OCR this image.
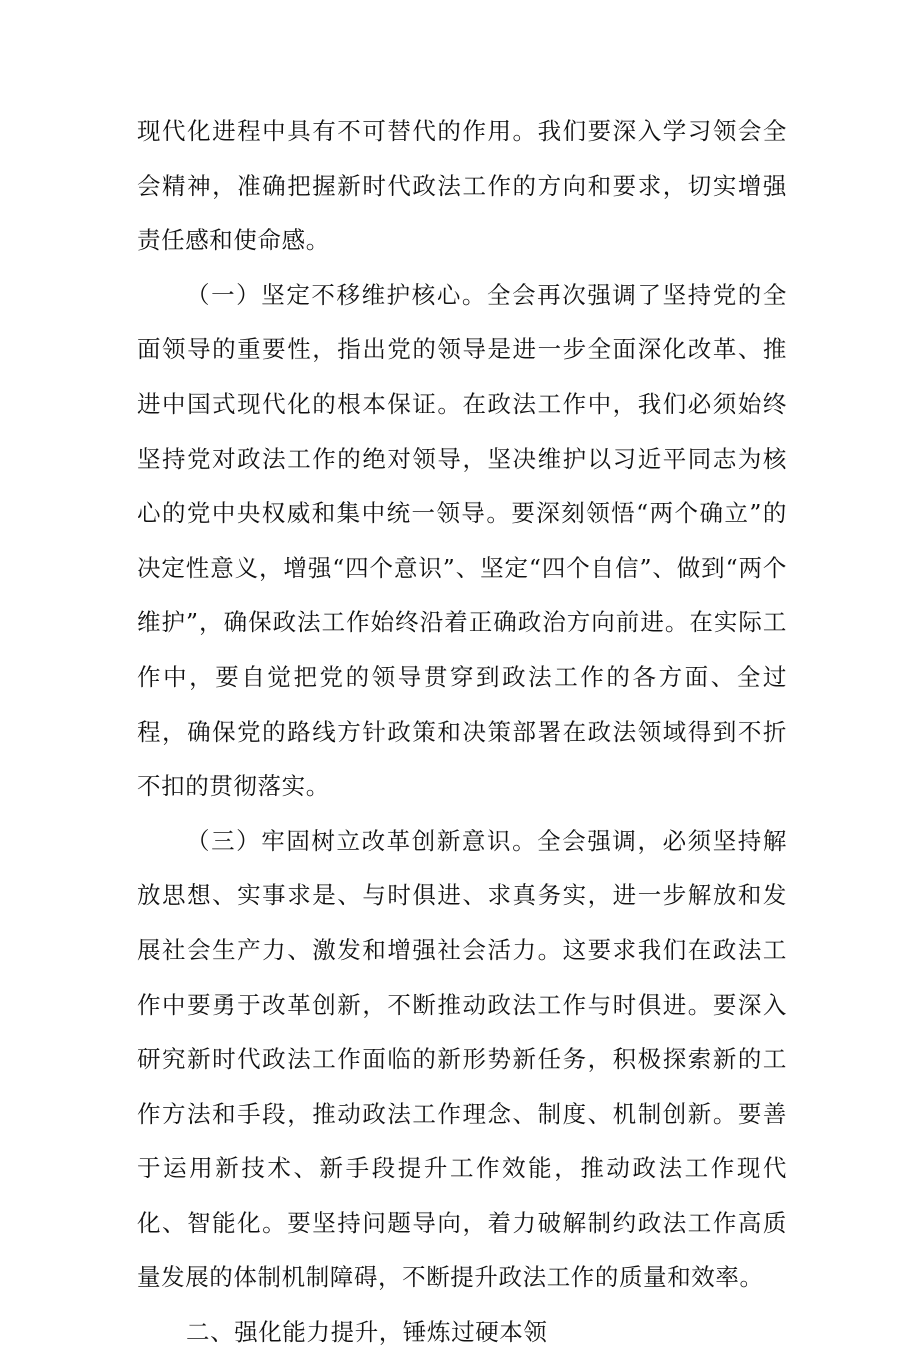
现代化进程中具有不可替代的作用。我们要深入学习领会全会精神，准确把握新时代政法工作的方向和要求，切实增强责任感和使命感。

（一）坚定不移维护核心。全会再次强调了坚持党的全面领导的重要性，指出党的领导是进一步全面深化改革、推进中国式现代化的根本保证。在政法工作中，我们必须始终坚持党对政法工作的绝对领导，坚决维护以习近平同志为核心的党中央权威和集中统一领导。要深刻领悟“两个确立”的决定性意义，增强“四个意识”、坚定“四个自信”、做到“两个维护”，确保政法工作始终沿着正确政治方向前进。在实际工作中，要自觉把党的领导贯穿到政法工作的各方面、全过程，确保党的路线方针政策和决策部署在政法领域得到不折不扣的贯彻落实。

（三）牢固树立改革创新意识。全会强调，必须坚持解放思想、实事求是、与时俱进、求真务实，进一步解放和发展社会生产力、激发和增强社会活力。这要求我们在政法工作中要勇于改革创新，不断推动政法工作与时俱进。要深入研究新时代政法工作面临的新形势新任务，积极探索新的工作方法和手段，推动政法工作理念、制度、机制创新。要善于运用新技术、新手段提升工作效能，推动政法工作现代化、智能化。要坚持问题导向，着力破解制约政法工作高质量发展的体制机制障碍，不断提升政法工作的质量和效率。

二、强化能力提升，锤炼过硬本领
